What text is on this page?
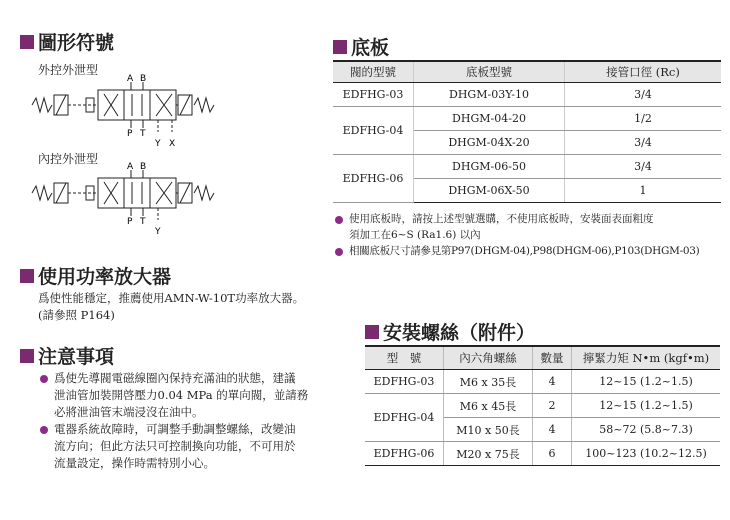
圖形符號
外控外泄型
A B
P T
Y X
內控外泄型
A B
P T
Y
使用功率放大器
爲使性能穩定，推薦使用AMN-W-10T功率放大器。
(請參照 P164)
注意事項
爲使先導閥電磁線圈內保持充滿油的狀態，建議
泄油管加裝開啓壓力0.04 MPa 的單向閥，並請務
必將泄油管末端浸沒在油中。
電器系統故障時，可調整手動調整螺絲，改變油
流方向；但此方法只可控制換向功能，不可用於
流量設定，操作時需特別小心。
底板
閥的型號	底板型號	接管口徑 (Rc)
EDFHG-03	DHGM-03Y-10	3/4
EDFHG-04	DHGM-04-20	1/2
	DHGM-04X-20	3/4
EDFHG-06	DHGM-06-50	3/4
	DHGM-06X-50	1
使用底板時，請按上述型號選購，不使用底板時，安裝面表面粗度
須加工在6~S (Ra1.6) 以內
相關底板尺寸請參見第P97(DHGM-04),P98(DHGM-06),P103(DHGM-03)
安裝螺絲（附件）
型　號	內六角螺絲	數量	擰緊力矩 N•m (kgf•m)
EDFHG-03	M6 x 35長	4	12~15 (1.2~1.5)
EDFHG-04	M6 x 45長	2	12~15 (1.2~1.5)
	M10 x 50長	4	58~72 (5.8~7.3)
EDFHG-06	M20 x 75長	6	100~123 (10.2~12.5)
